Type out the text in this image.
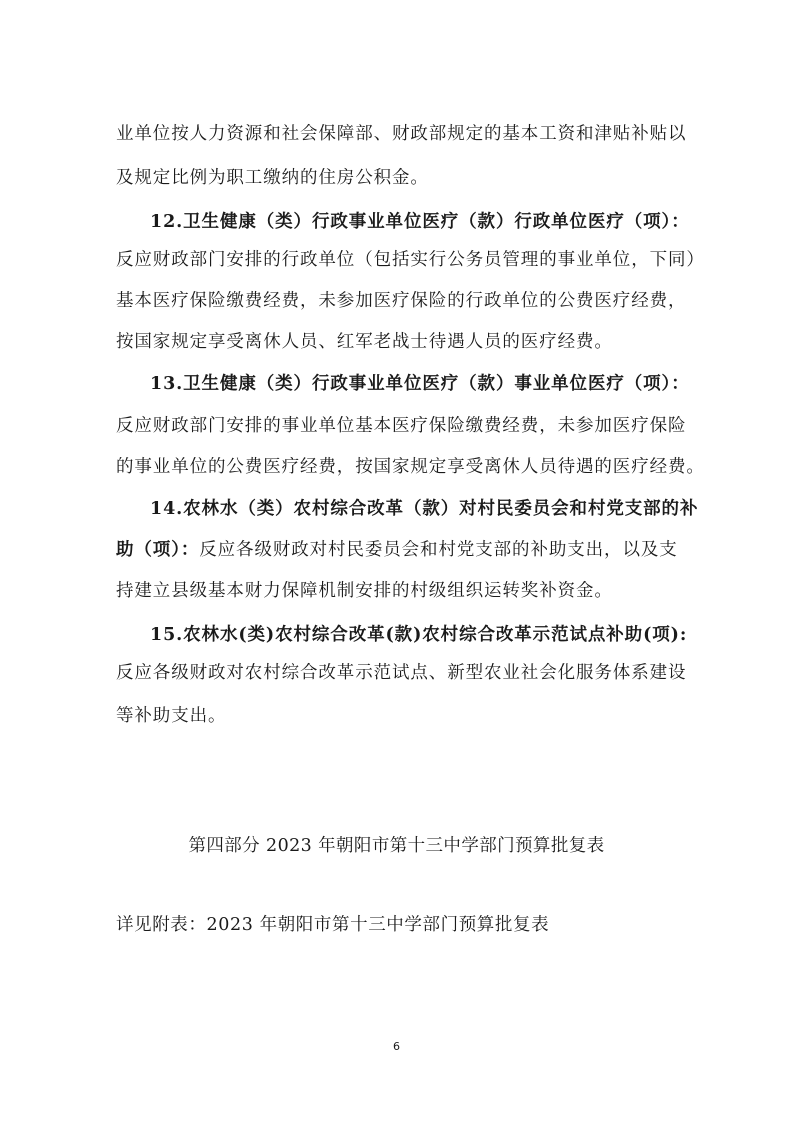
业单位按人力资源和社会保障部、财政部规定的基本工资和津贴补贴以
及规定比例为职工缴纳的住房公积金。
12.卫生健康（类）行政事业单位医疗（款）行政单位医疗（项）：
反应财政部门安排的行政单位（包括实行公务员管理的事业单位，下同）
基本医疗保险缴费经费，未参加医疗保险的行政单位的公费医疗经费，
按国家规定享受离休人员、红军老战士待遇人员的医疗经费。
13.卫生健康（类）行政事业单位医疗（款）事业单位医疗（项）：
反应财政部门安排的事业单位基本医疗保险缴费经费，未参加医疗保险
的事业单位的公费医疗经费，按国家规定享受离休人员待遇的医疗经费。
14.农林水（类）农村综合改革（款）对村民委员会和村党支部的补
助（项）：反应各级财政对村民委员会和村党支部的补助支出，以及支
持建立县级基本财力保障机制安排的村级组织运转奖补资金。
15.农林水(类)农村综合改革(款)农村综合改革示范试点补助(项):
反应各级财政对农村综合改革示范试点、新型农业社会化服务体系建设
等补助支出。
第四部分 2023 年朝阳市第十三中学部门预算批复表
详见附表：2023 年朝阳市第十三中学部门预算批复表
6
